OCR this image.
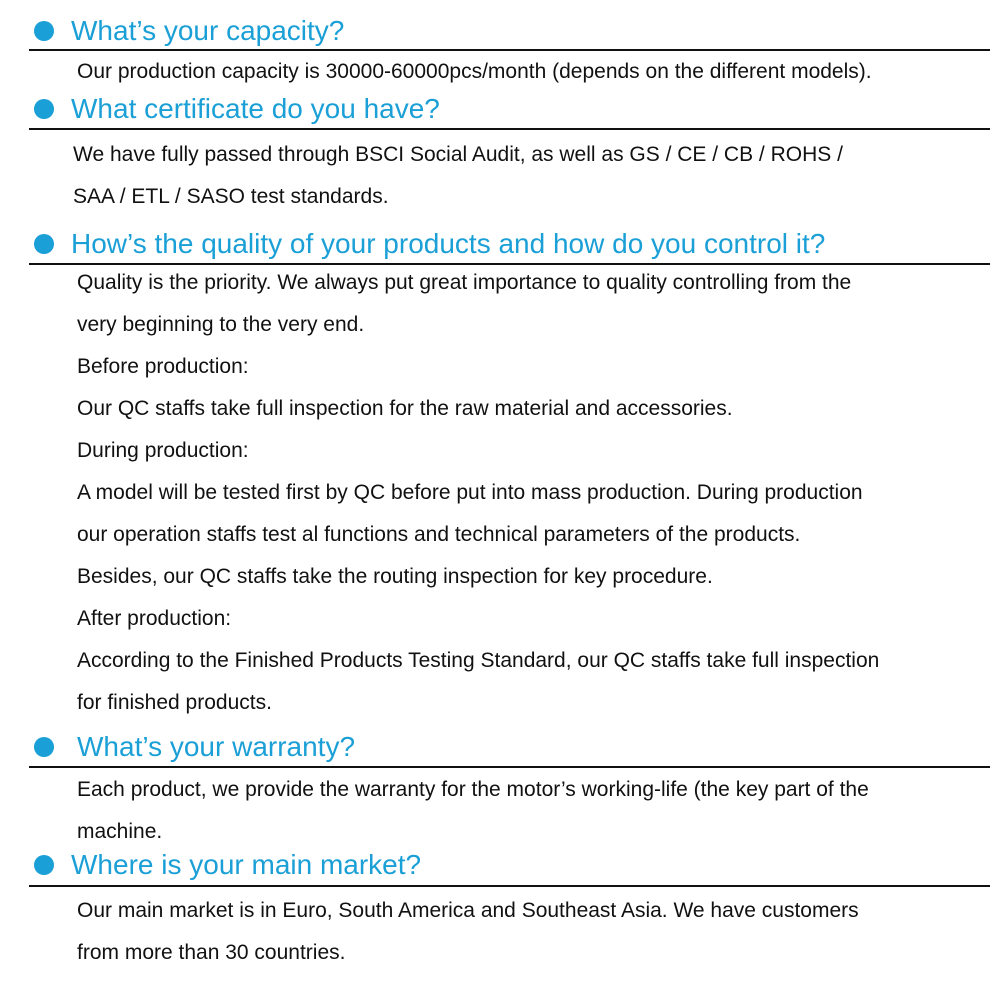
What’s your capacity?
Our production capacity is 30000-60000pcs/month (depends on the different models).
What certificate do you have?
We have fully passed through BSCI Social Audit, as well as GS / CE / CB / ROHS /
SAA / ETL / SASO test standards.
How’s the quality of your products and how do you control it?
Quality is the priority. We always put great importance to quality controlling from the
very beginning to the very end.
Before production:
Our QC staffs take full inspection for the raw material and accessories.
During production:
A model will be tested first by QC before put into mass production. During production
our operation staffs test al functions and technical parameters of the products.
Besides, our QC staffs take the routing inspection for key procedure.
After production:
According to the Finished Products Testing Standard, our QC staffs take full inspection
for finished products.
What’s your warranty?
Each product, we provide the warranty for the motor’s working-life (the key part of the
machine.
Where is your main market?
Our main market is in Euro, South America and Southeast Asia. We have customers
from more than 30 countries.
